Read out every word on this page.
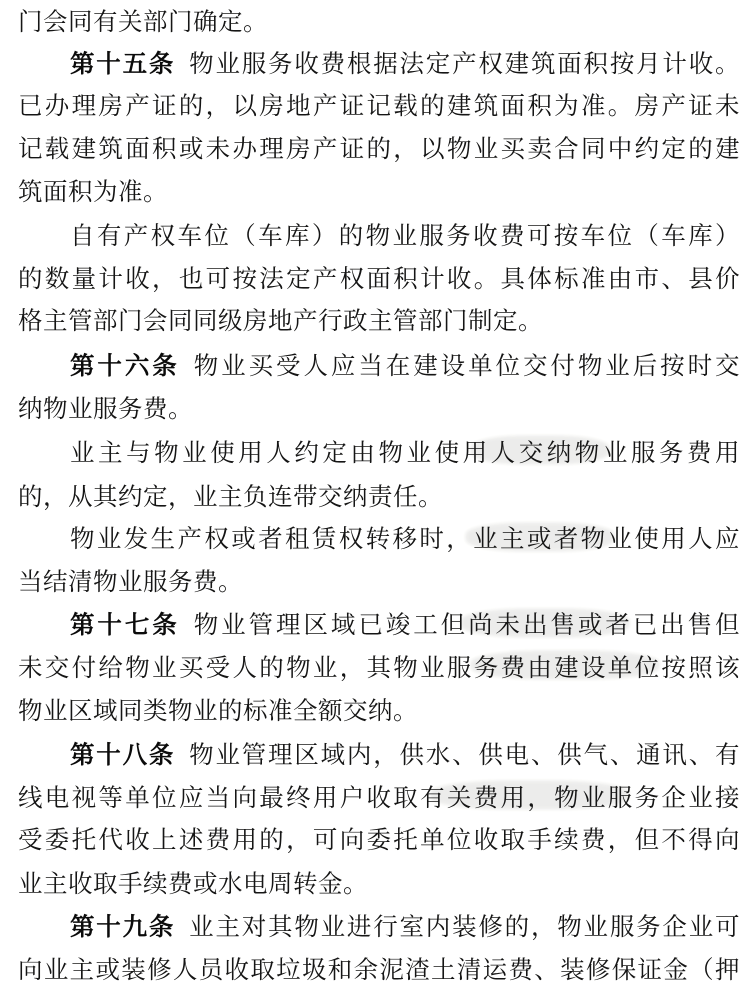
门会同有关部门确定。
第十五条 物业服务收费根据法定产权建筑面积按月计收。
已办理房产证的，以房地产证记载的建筑面积为准。房产证未
记载建筑面积或未办理房产证的，以物业买卖合同中约定的建
筑面积为准。
自有产权车位（车库）的物业服务收费可按车位（车库）
的数量计收，也可按法定产权面积计收。具体标准由市、县价
格主管部门会同同级房地产行政主管部门制定。
第十六条 物业买受人应当在建设单位交付物业后按时交
纳物业服务费。
业主与物业使用人约定由物业使用人交纳物业服务费用
的，从其约定，业主负连带交纳责任。
物业发生产权或者租赁权转移时，业主或者物业使用人应
当结清物业服务费。
第十七条 物业管理区域已竣工但尚未出售或者已出售但
未交付给物业买受人的物业，其物业服务费由建设单位按照该
物业区域同类物业的标准全额交纳。
第十八条 物业管理区域内，供水、供电、供气、通讯、有
线电视等单位应当向最终用户收取有关费用，物业服务企业接
受委托代收上述费用的，可向委托单位收取手续费，但不得向
业主收取手续费或水电周转金。
第十九条 业主对其物业进行室内装修的，物业服务企业可
向业主或装修人员收取垃圾和余泥渣土清运费、装修保证金（押
